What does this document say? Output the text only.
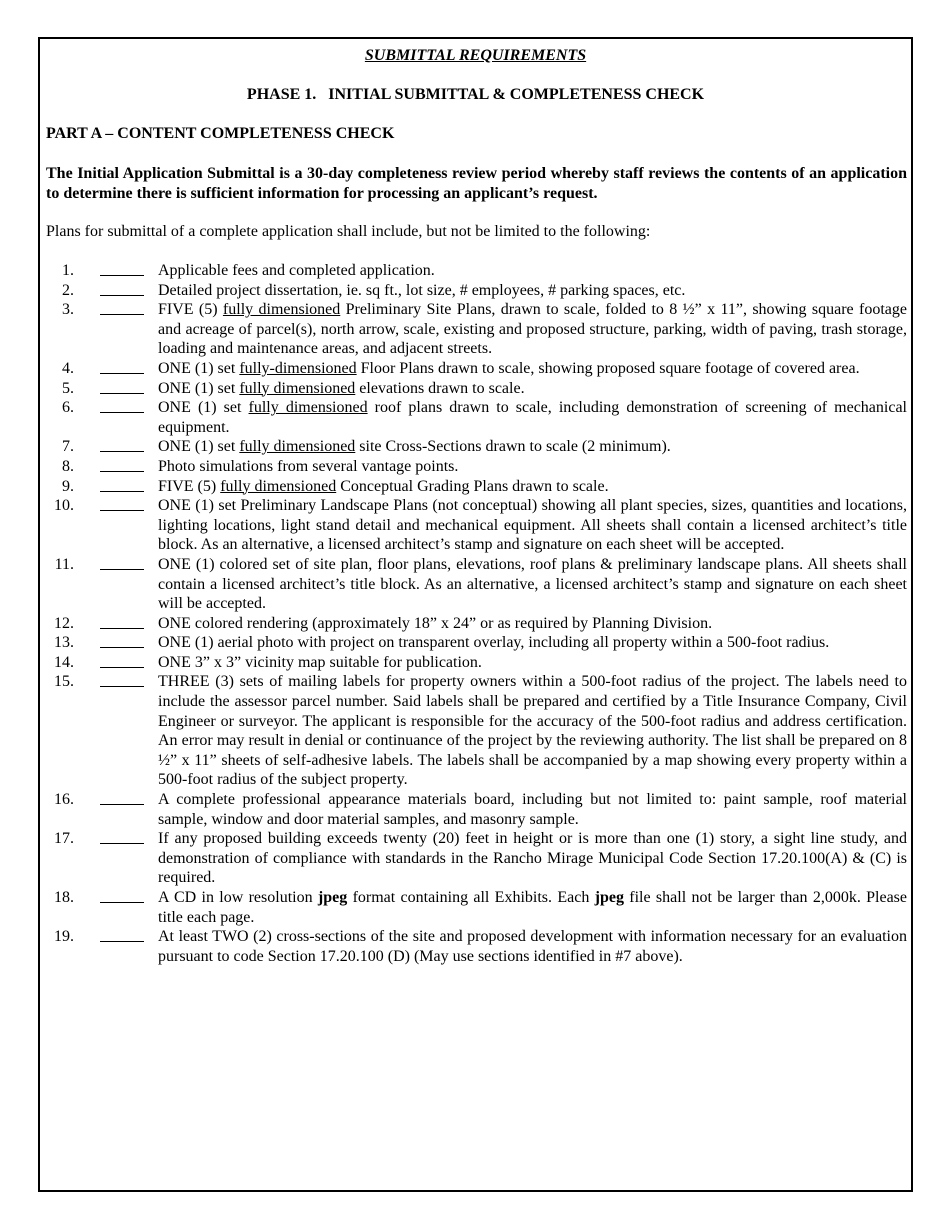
SUBMITTAL REQUIREMENTS
PHASE 1.   INITIAL SUBMITTAL & COMPLETENESS CHECK
PART A – CONTENT COMPLETENESS CHECK
The Initial Application Submittal is a 30-day completeness review period whereby staff reviews the contents of an application to determine there is sufficient information for processing an applicant’s request.
Plans for submittal of a complete application shall include, but not be limited to the following:
1.	Applicable fees and completed application.
2.	Detailed project dissertation, ie. sq ft., lot size, # employees, # parking spaces, etc.
3.	FIVE (5) fully dimensioned Preliminary Site Plans, drawn to scale, folded to 8 ½” x 11”, showing square footage and acreage of parcel(s), north arrow, scale, existing and proposed structure, parking, width of paving, trash storage, loading and maintenance areas, and adjacent streets.
4.	ONE (1) set fully-dimensioned Floor Plans drawn to scale, showing proposed square footage of covered area.
5.	ONE (1) set fully dimensioned elevations drawn to scale.
6.	ONE (1) set fully dimensioned roof plans drawn to scale, including demonstration of screening of mechanical equipment.
7.	ONE (1) set fully dimensioned site Cross-Sections drawn to scale (2 minimum).
8.	Photo simulations from several vantage points.
9.	FIVE (5) fully dimensioned Conceptual Grading Plans drawn to scale.
10.	ONE (1) set Preliminary Landscape Plans (not conceptual) showing all plant species, sizes, quantities and locations, lighting locations, light stand detail and mechanical equipment. All sheets shall contain a licensed architect’s title block. As an alternative, a licensed architect’s stamp and signature on each sheet will be accepted.
11.	ONE (1) colored set of site plan, floor plans, elevations, roof plans & preliminary landscape plans. All sheets shall contain a licensed architect’s title block. As an alternative, a licensed architect’s stamp and signature on each sheet will be accepted.
12.	ONE colored rendering (approximately 18” x 24” or as required by Planning Division.
13.	ONE (1) aerial photo with project on transparent overlay, including all property within a 500-foot radius.
14.	ONE 3” x 3” vicinity map suitable for publication.
15.	THREE (3) sets of mailing labels for property owners within a 500-foot radius of the project. The labels need to include the assessor parcel number. Said labels shall be prepared and certified by a Title Insurance Company, Civil Engineer or surveyor. The applicant is responsible for the accuracy of the 500-foot radius and address certification. An error may result in denial or continuance of the project by the reviewing authority. The list shall be prepared on 8 ½” x 11” sheets of self-adhesive labels. The labels shall be accompanied by a map showing every property within a 500-foot radius of the subject property.
16.	A complete professional appearance materials board, including but not limited to: paint sample, roof material sample, window and door material samples, and masonry sample.
17.	If any proposed building exceeds twenty (20) feet in height or is more than one (1) story, a sight line study, and demonstration of compliance with standards in the Rancho Mirage Municipal Code Section 17.20.100(A) & (C) is required.
18.	A CD in low resolution jpeg format containing all Exhibits. Each jpeg file shall not be larger than 2,000k. Please title each page.
19.	At least TWO (2) cross-sections of the site and proposed development with information necessary for an evaluation pursuant to code Section 17.20.100 (D) (May use sections identified in #7 above).
